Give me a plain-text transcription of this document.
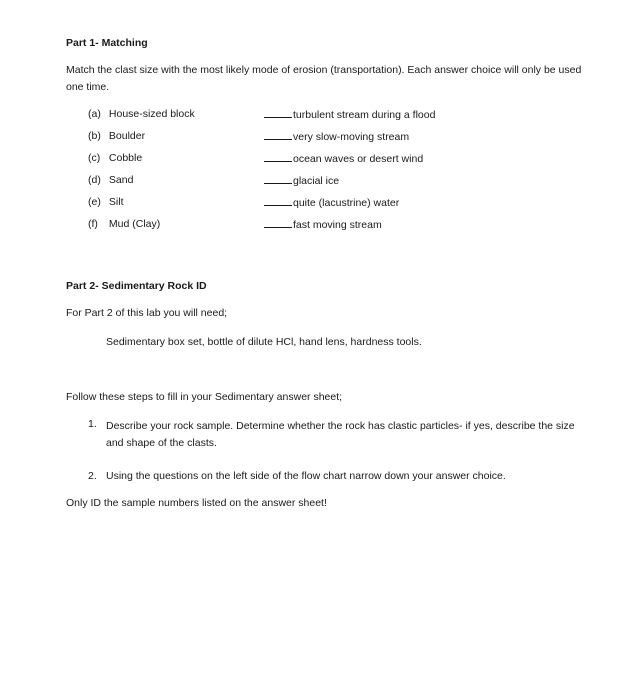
Part 1- Matching
Match the clast size with the most likely mode of erosion (transportation). Each answer choice will only be used one time.
(a) House-sized block
(b) Boulder
(c) Cobble
(d) Sand
(e) Silt
(f) Mud (Clay)
turbulent stream during a flood
very slow-moving stream
ocean waves or desert wind
glacial ice
quite (lacustrine) water
fast moving stream
Part 2- Sedimentary Rock ID
For Part 2 of this lab you will need;
Sedimentary box set, bottle of dilute HCl, hand lens, hardness tools.
Follow these steps to fill in your Sedimentary answer sheet;
1. Describe your rock sample. Determine whether the rock has clastic particles- if yes, describe the size and shape of the clasts.
2. Using the questions on the left side of the flow chart narrow down your answer choice.
Only ID the sample numbers listed on the answer sheet!
